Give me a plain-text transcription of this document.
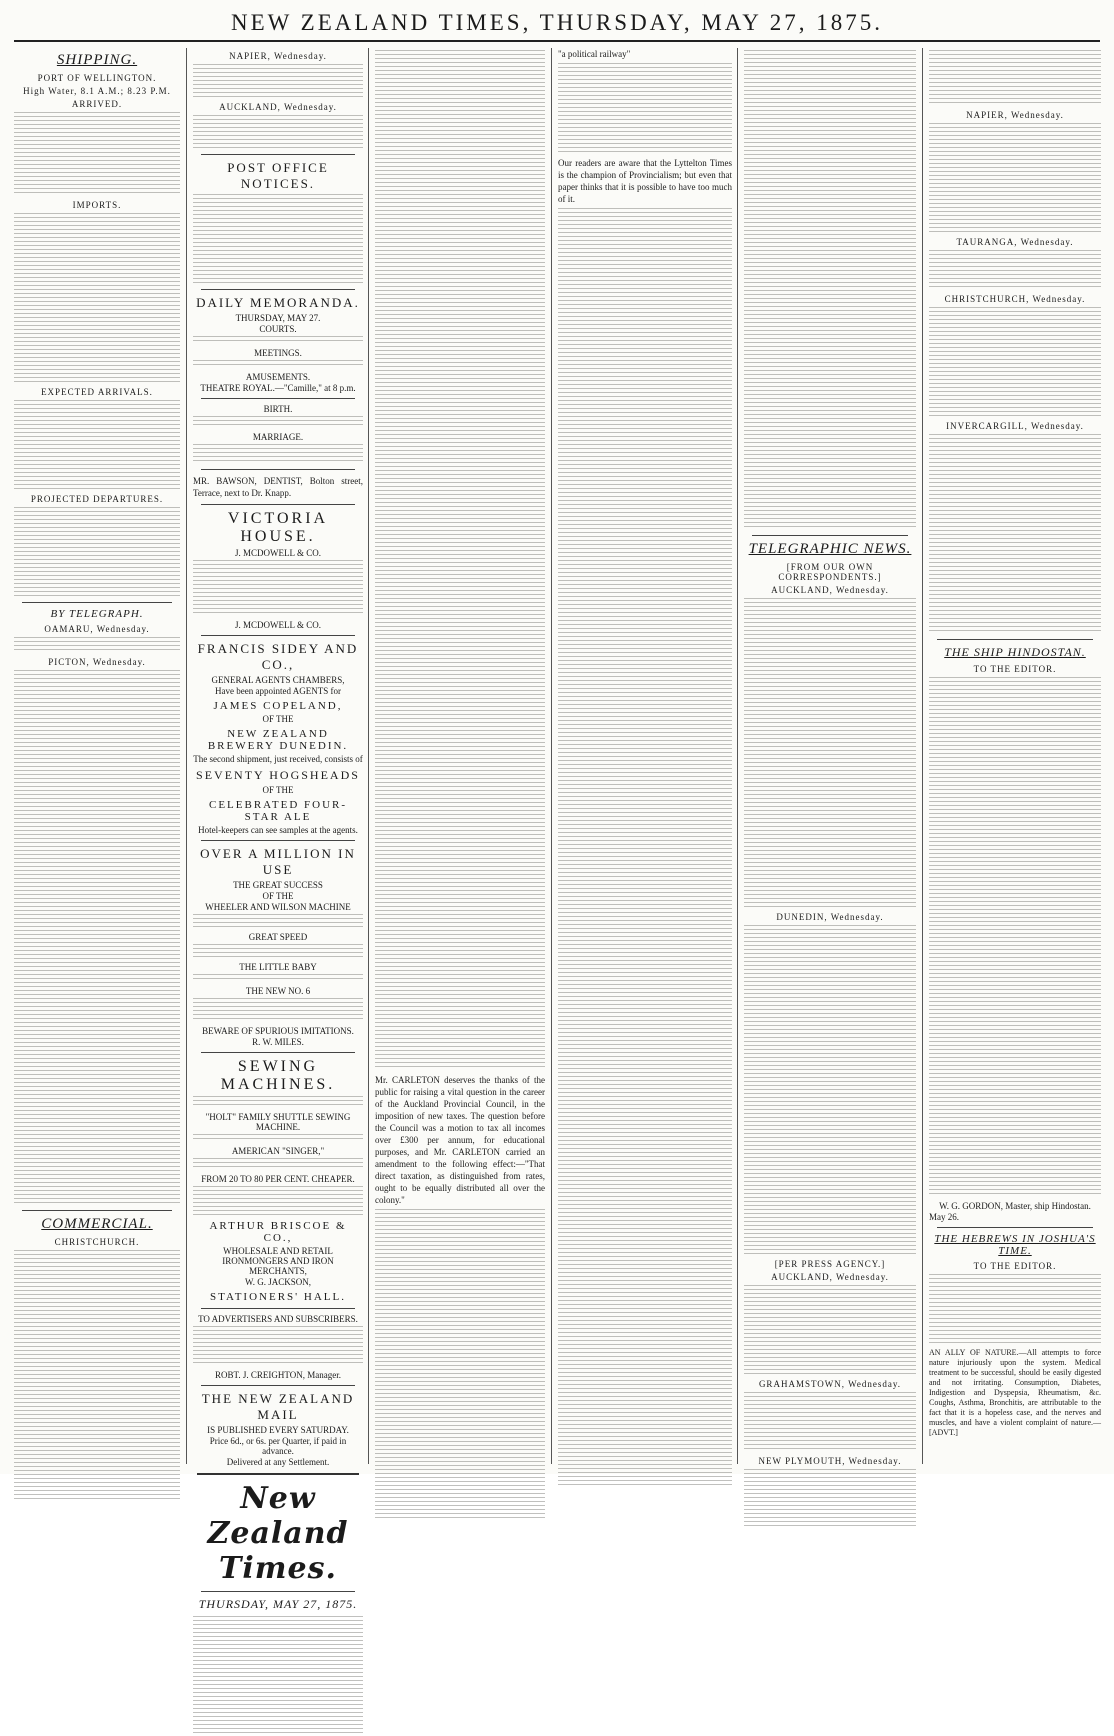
NEW ZEALAND TIMES, THURSDAY, MAY 27, 1875.
SHIPPING.
PORT OF WELLINGTON.
High Water, 8.1 A.M.; 8.23 P.M.
ARRIVED.
IMPORTS.
EXPECTED ARRIVALS.
PROJECTED DEPARTURES.
BY TELEGRAPH.
OAMARU, Wednesday.
PICTON, Wednesday.
COMMERCIAL.
CHRISTCHURCH.
NAPIER, Wednesday.
AUCKLAND, Wednesday.
POST OFFICE NOTICES.
DAILY MEMORANDA.
THURSDAY, MAY 27.
COURTS.
MEETINGS.
AMUSEMENTS.
THEATRE ROYAL.—"Camille," at 8 p.m.
BIRTH.
MARRIAGE.
MR. BAWSON, DENTIST, Bolton street, Terrace, next to Dr. Knapp.
VICTORIA HOUSE.
J. MCDOWELL & CO.
J. MCDOWELL & CO.
FRANCIS SIDEY AND CO.,
GENERAL AGENTS CHAMBERS,
Have been appointed AGENTS for
JAMES COPELAND,
OF THE
NEW ZEALAND BREWERY DUNEDIN.
The second shipment, just received, consists of
SEVENTY HOGSHEADS
OF THE
CELEBRATED FOUR-STAR ALE
Hotel-keepers can see samples at the agents.
OVER A MILLION IN USE
THE GREAT SUCCESS
OF THE
WHEELER AND WILSON MACHINE
GREAT SPEED
THE LITTLE BABY
THE NEW NO. 6
BEWARE OF SPURIOUS IMITATIONS.
R. W. MILES.
SEWING MACHINES.
"HOLT" FAMILY SHUTTLE SEWING MACHINE.
AMERICAN "SINGER,"
FROM 20 TO 80 PER CENT. CHEAPER.
ARTHUR BRISCOE & CO.,
WHOLESALE AND RETAIL IRONMONGERS AND IRON MERCHANTS,
W. G. JACKSON,
STATIONERS' HALL.
TO ADVERTISERS AND SUBSCRIBERS.
ROBT. J. CREIGHTON, Manager.
THE NEW ZEALAND MAIL
IS PUBLISHED EVERY SATURDAY.
Price 6d., or 6s. per Quarter, if paid in advance.
Delivered at any Settlement.
New Zealand Times.
THURSDAY, MAY 27, 1875.
Mr. CARLETON deserves the thanks of the public for raising a vital question in the career of the Auckland Provincial Council, in the imposition of new taxes. The question before the Council was a motion to tax all incomes over £300 per annum, for educational purposes, and Mr. CARLETON carried an amendment to the following effect:—"That direct taxation, as distinguished from rates, ought to be equally distributed all over the colony."
"a political railway"
Our readers are aware that the Lyttelton Times is the champion of Provincialism; but even that paper thinks that it is possible to have too much of it.
TELEGRAPHIC NEWS.
[FROM OUR OWN CORRESPONDENTS.]
AUCKLAND, Wednesday.
DUNEDIN, Wednesday.
[PER PRESS AGENCY.]
AUCKLAND, Wednesday.
GRAHAMSTOWN, Wednesday.
NEW PLYMOUTH, Wednesday.
NAPIER, Wednesday.
TAURANGA, Wednesday.
CHRISTCHURCH, Wednesday.
INVERCARGILL, Wednesday.
THE SHIP HINDOSTAN.
TO THE EDITOR.
W. G. GORDON, Master, ship Hindostan.
May 26.
THE HEBREWS IN JOSHUA'S TIME.
TO THE EDITOR.
AN ALLY OF NATURE.—All attempts to force nature injuriously upon the system. Medical treatment to be successful, should be easily digested and not irritating. Consumption, Diabetes, Indigestion and Dyspepsia, Rheumatism, &c. Coughs, Asthma, Bronchitis, are attributable to the fact that it is a hopeless case, and the nerves and muscles, and have a violent complaint of nature.—[ADVT.]
